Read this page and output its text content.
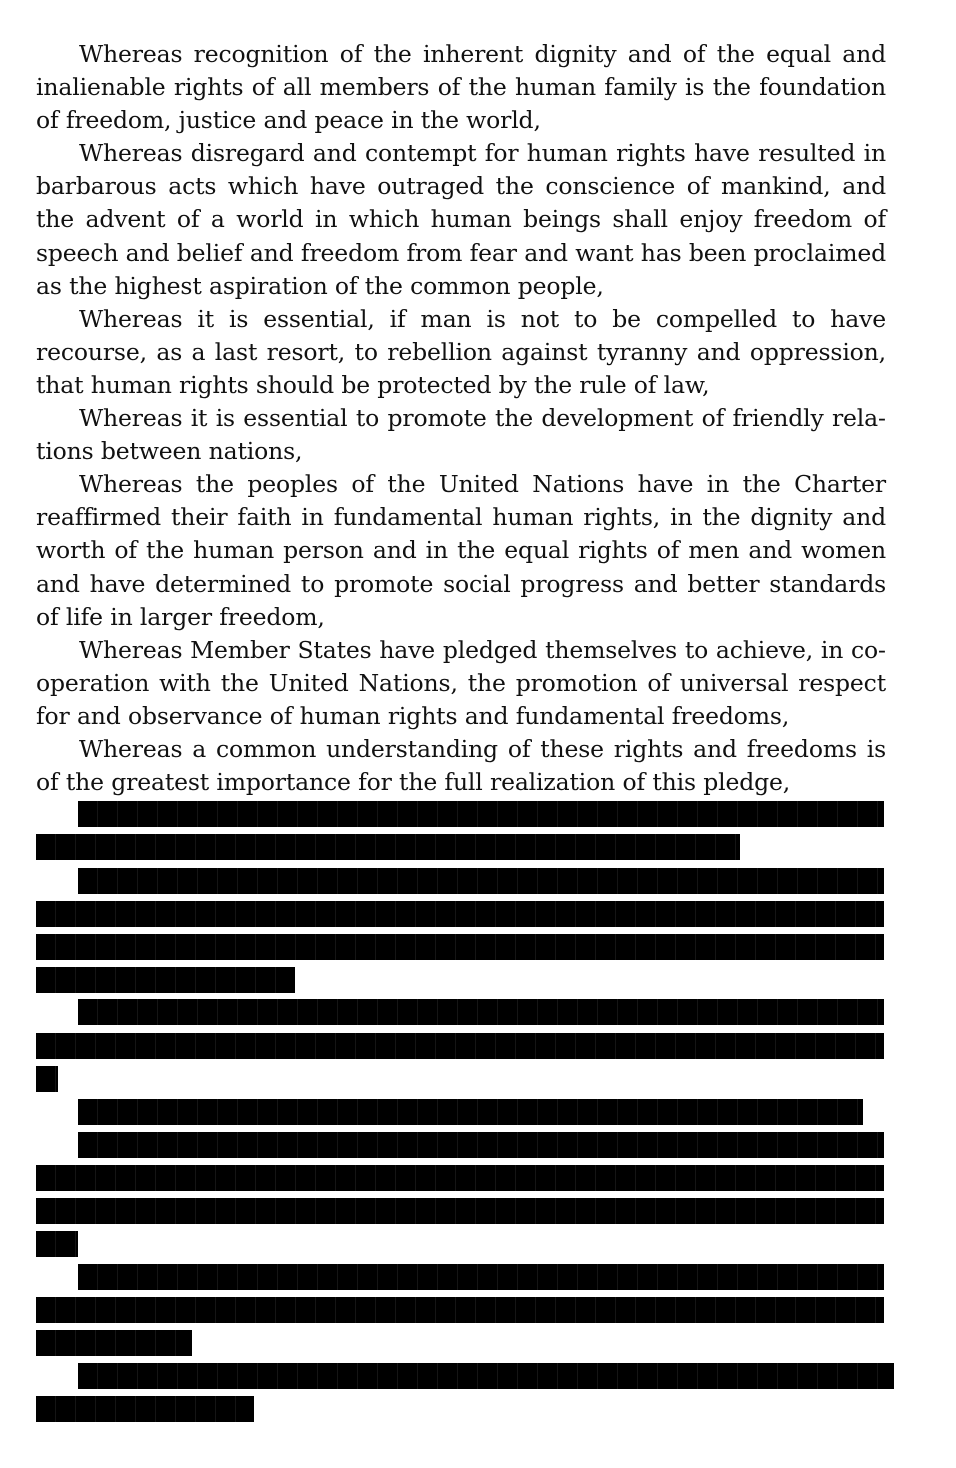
Whereas recognition of the inherent dignity and of the equal and inalienable rights of all members of the human family is the foundation of freedom, justice and peace in the world,

Whereas disregard and contempt for human rights have resulted in barbarous acts which have outraged the conscience of mankind, and the advent of a world in which human beings shall enjoy freedom of speech and belief and freedom from fear and want has been proclaimed as the highest aspiration of the common people,

Whereas it is essential, if man is not to be compelled to have recourse, as a last resort, to rebellion against tyranny and oppression, that human rights should be protected by the rule of law,

Whereas it is essential to promote the development of friendly relations between nations,

Whereas the peoples of the United Nations have in the Charter reaffirmed their faith in fundamental human rights, in the dignity and worth of the human person and in the equal rights of men and women and have determined to promote social progress and better standards of life in larger freedom,

Whereas Member States have pledged themselves to achieve, in cooperation with the United Nations, the promotion of universal respect for and observance of human rights and fundamental freedoms,

Whereas a common understanding of these rights and freedoms is of the greatest importance for the full realization of this pledge,
